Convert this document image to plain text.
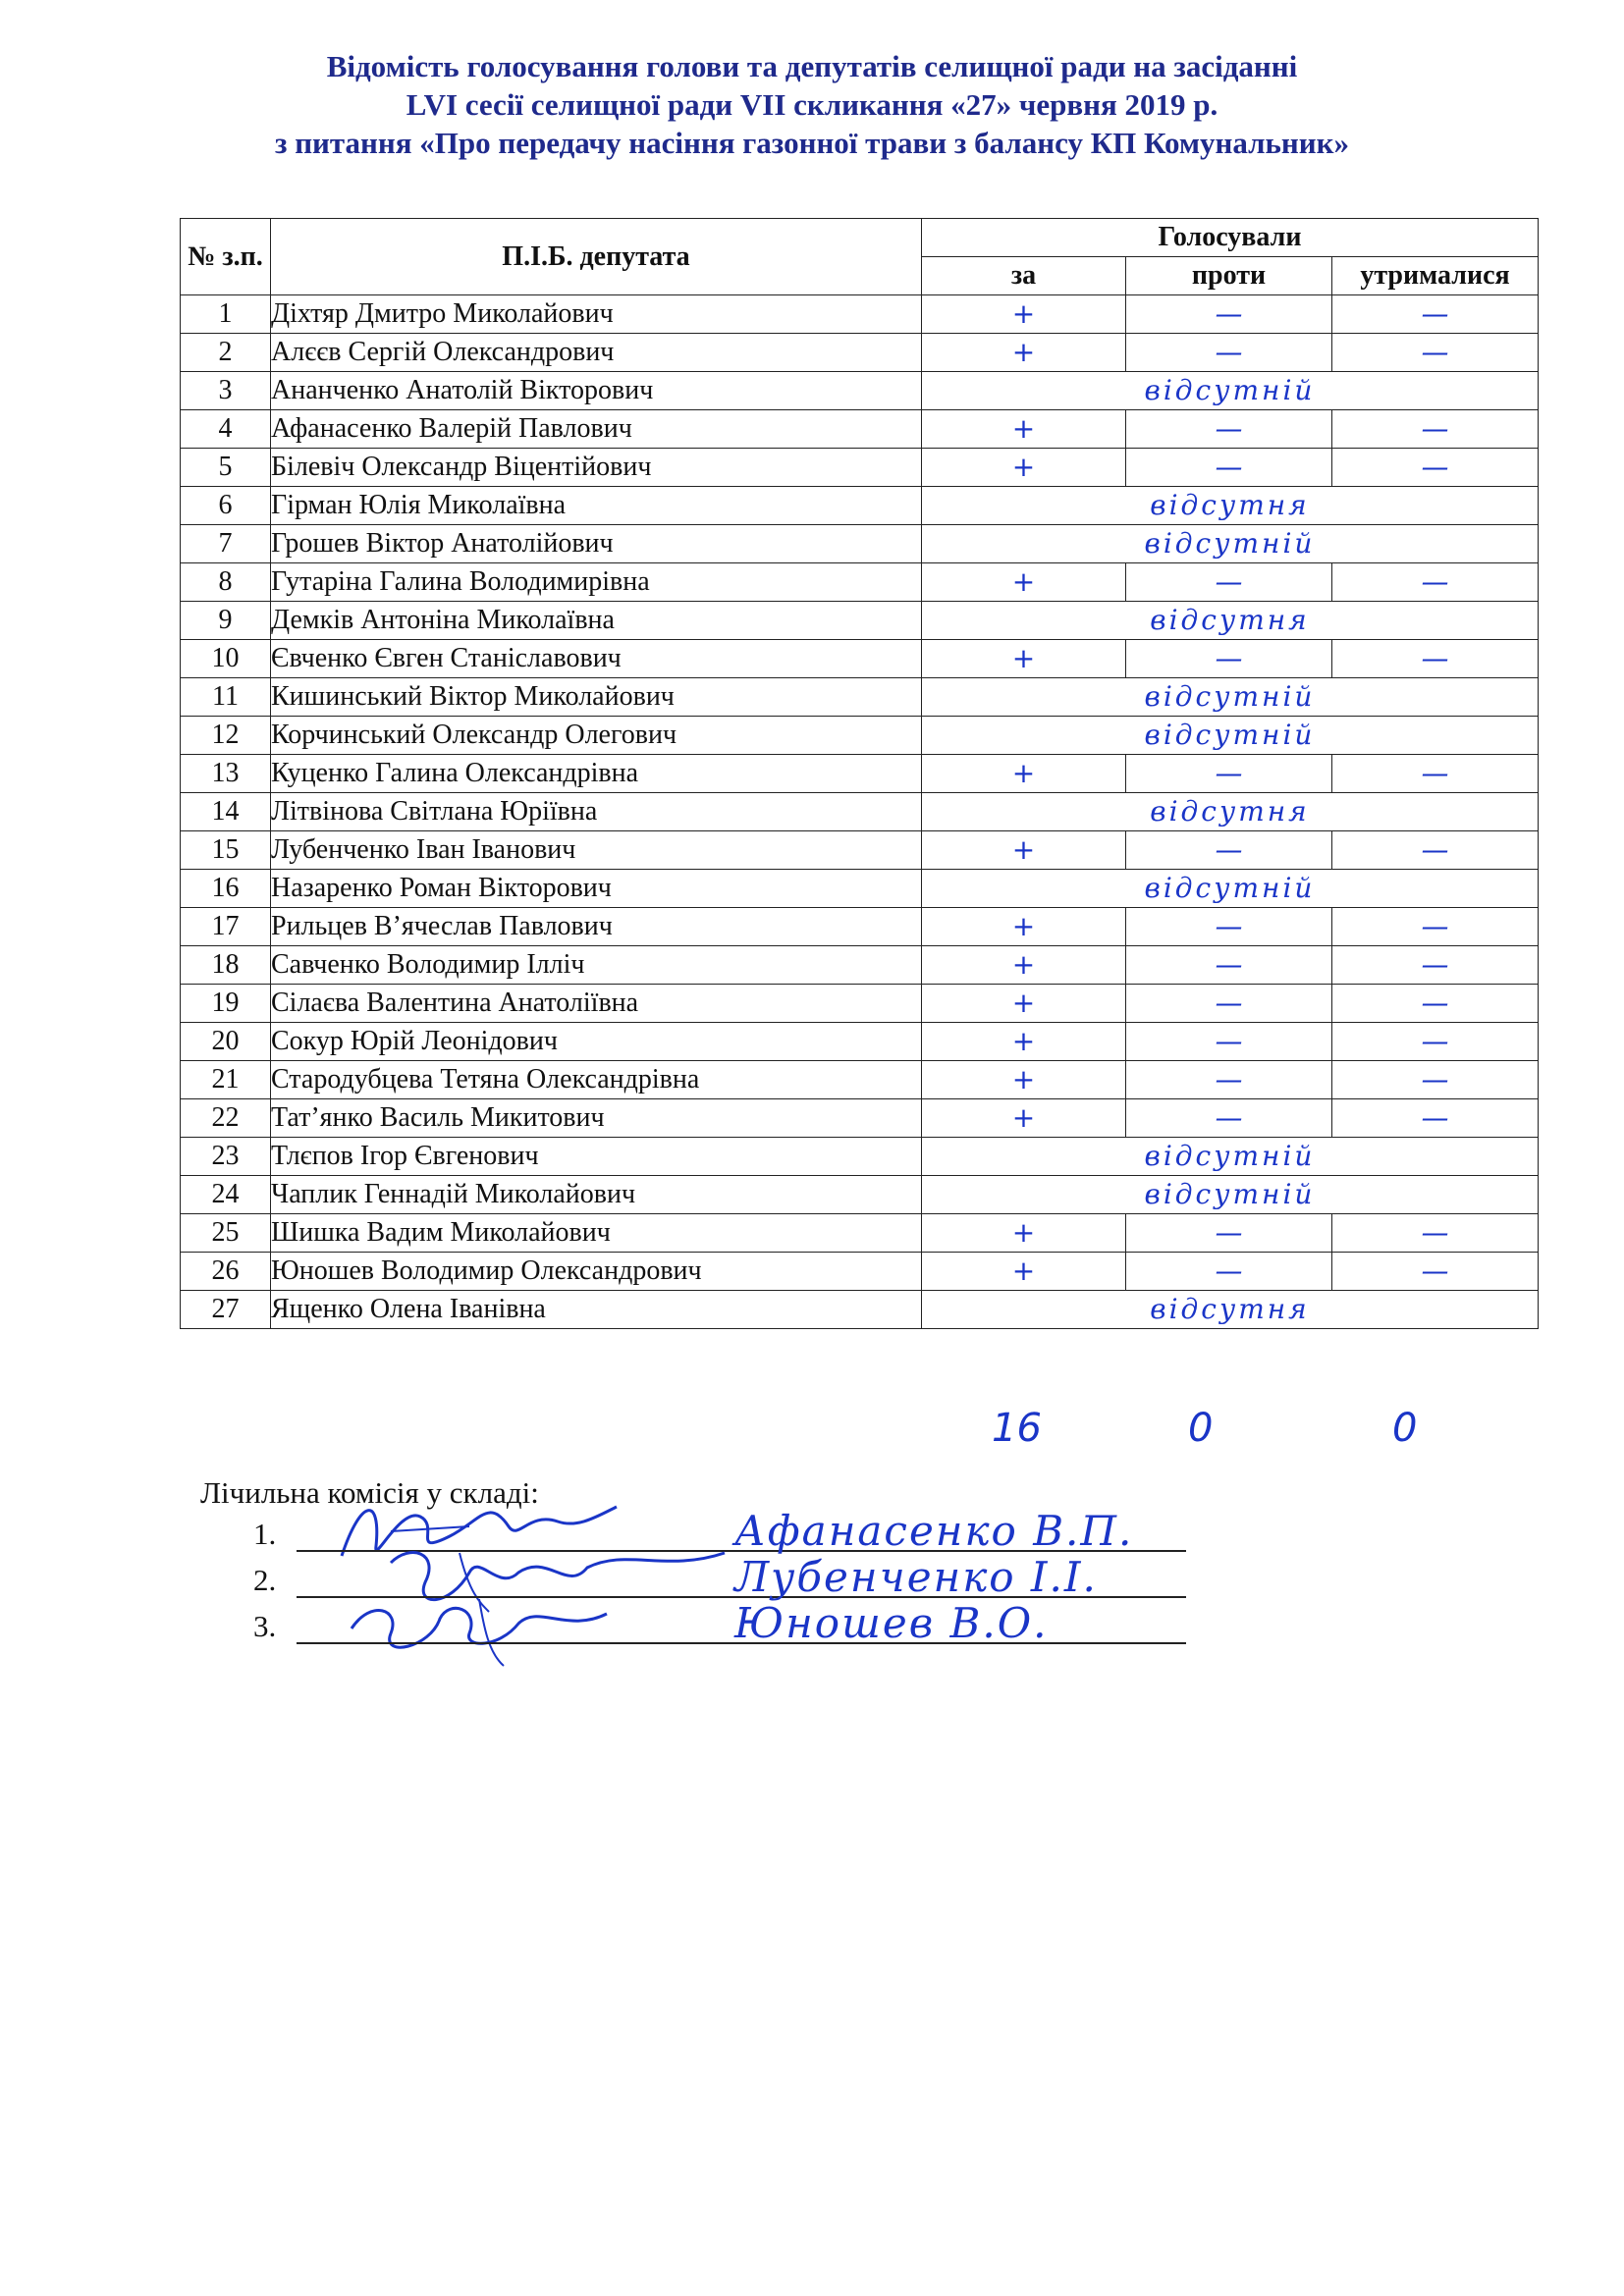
Відомість голосування голови та депутатів селищної ради на засіданні
LVI сесії селищної ради VII скликання «27» червня 2019 р.
з питання «Про передачу насіння газонної трави з балансу КП Комунальник»
№ з.п.	П.І.Б. депутата	Голосували		
		за	проти	утрималися
1	Діхтяр Дмитро Миколайович	+	—	—
2	Алєєв Сергій Олександрович	+	—	—
3	Ананченко Анатолій Вікторович	відсутній		
4	Афанасенко Валерій Павлович	+	—	—
5	Білевіч Олександр Віцентійович	+	—	—
6	Гірман Юлія Миколаївна	відсутня		
7	Грошев Віктор Анатолійович	відсутній		
8	Гутаріна Галина Володимирівна	+	—	—
9	Демків Антоніна Миколаївна	відсутня		
10	Євченко Євген Станіславович	+	—	—
11	Кишинський Віктор Миколайович	відсутній		
12	Корчинський Олександр Олегович	відсутній		
13	Куценко Галина Олександрівна	+	—	—
14	Літвінова Світлана Юріївна	відсутня		
15	Лубенченко Іван Іванович	+	—	—
16	Назаренко Роман Вікторович	відсутній		
17	Рильцев В’ячеслав Павлович	+	—	—
18	Савченко Володимир Ілліч	+	—	—
19	Сілаєва Валентина Анатоліївна	+	—	—
20	Сокур Юрій Леонідович	+	—	—
21	Стародубцева Тетяна Олександрівна	+	—	—
22	Тат’янко Василь Микитович	+	—	—
23	Тлєпов Ігор Євгенович	відсутній		
24	Чаплик Геннадій Миколайович	відсутній		
25	Шишка Вадим Миколайович	+	—	—
26	Юношев Володимир Олександрович	+	—	—
27	Ященко Олена Іванівна	відсутня		
16	0	0
Лічильна комісія у складі:
1.	Афанасенко В.П.
2.	Лубенченко І.І.
3.	Юношев В.О.
